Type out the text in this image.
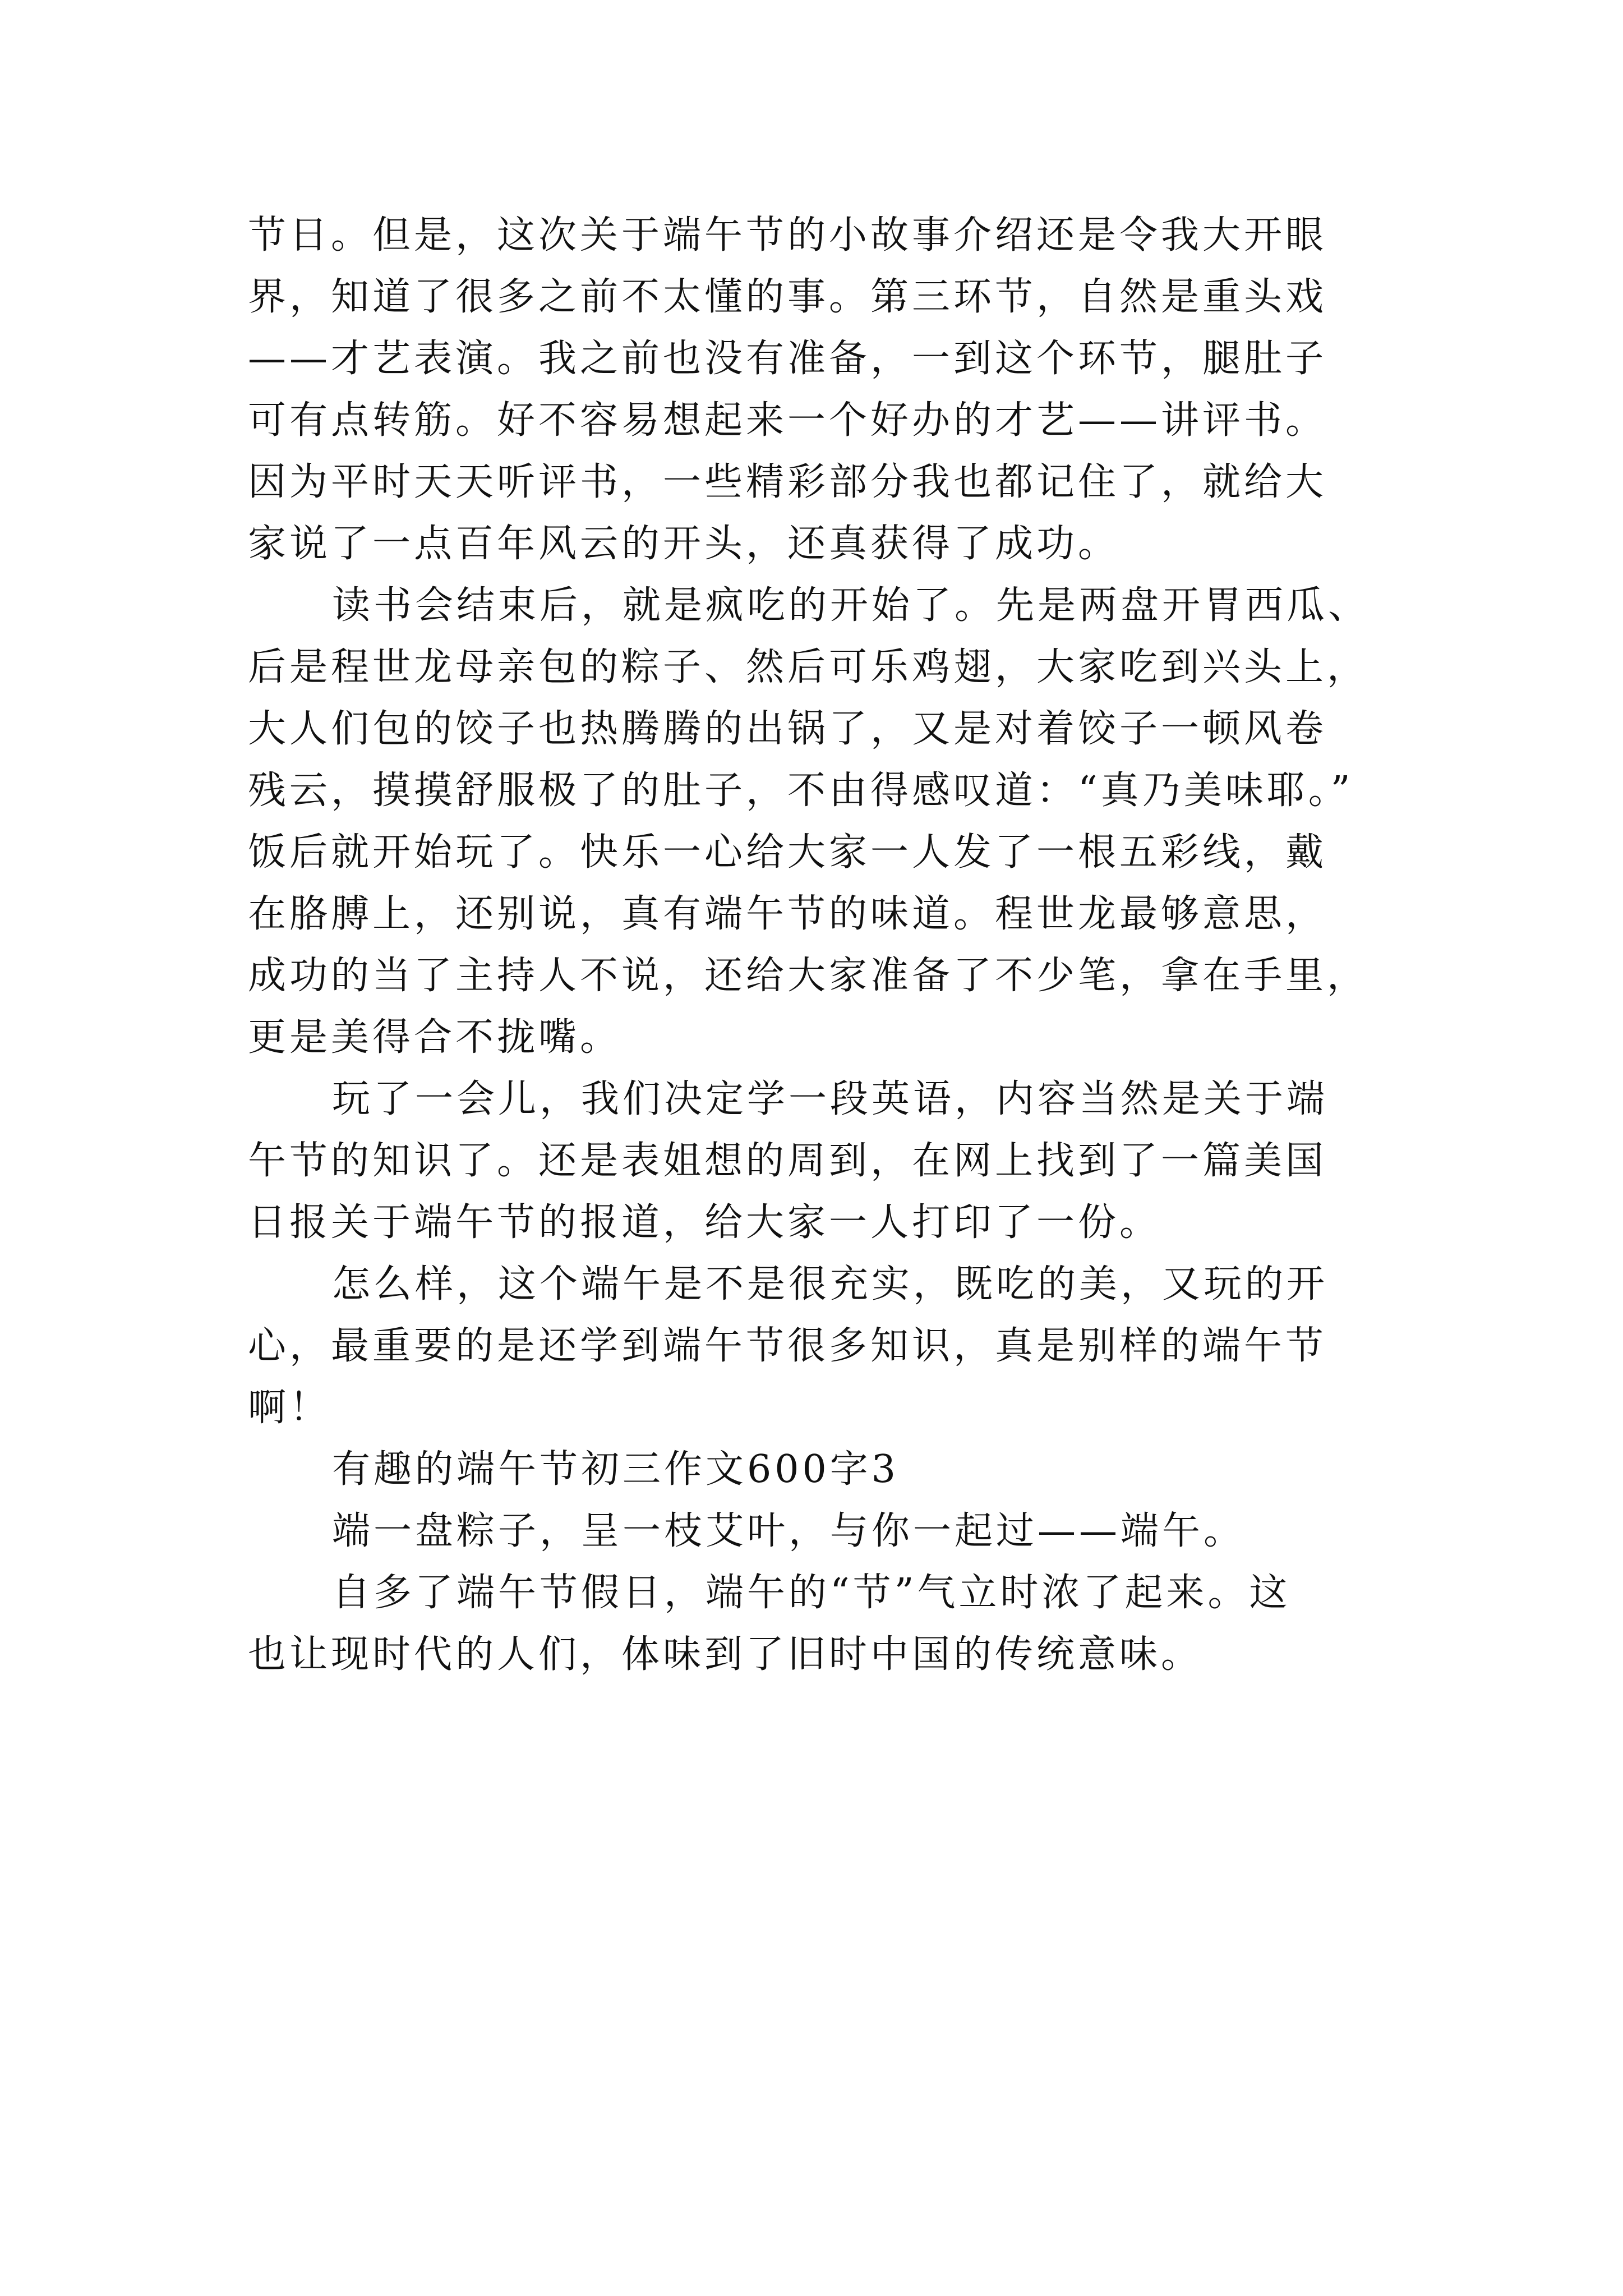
节日。但是，这次关于端午节的小故事介绍还是令我大开眼
界，知道了很多之前不太懂的事。第三环节，自然是重头戏
——才艺表演。我之前也没有准备，一到这个环节，腿肚子
可有点转筋。好不容易想起来一个好办的才艺——讲评书。
因为平时天天听评书，一些精彩部分我也都记住了，就给大
家说了一点百年风云的开头，还真获得了成功。
读书会结束后，就是疯吃的开始了。先是两盘开胃西瓜、
后是程世龙母亲包的粽子、然后可乐鸡翅，大家吃到兴头上，
大人们包的饺子也热腾腾的出锅了，又是对着饺子一顿风卷
残云，摸摸舒服极了的肚子，不由得感叹道：“真乃美味耶。”
饭后就开始玩了。快乐一心给大家一人发了一根五彩线，戴
在胳膊上，还别说，真有端午节的味道。程世龙最够意思，
成功的当了主持人不说，还给大家准备了不少笔，拿在手里，
更是美得合不拢嘴。
玩了一会儿，我们决定学一段英语，内容当然是关于端
午节的知识了。还是表姐想的周到，在网上找到了一篇美国
日报关于端午节的报道，给大家一人打印了一份。
怎么样，这个端午是不是很充实，既吃的美，又玩的开
心，最重要的是还学到端午节很多知识，真是别样的端午节
啊！
有趣的端午节初三作文600字3
端一盘粽子，呈一枝艾叶，与你一起过——端午。
自多了端午节假日，端午的“节”气立时浓了起来。这
也让现时代的人们，体味到了旧时中国的传统意味。
